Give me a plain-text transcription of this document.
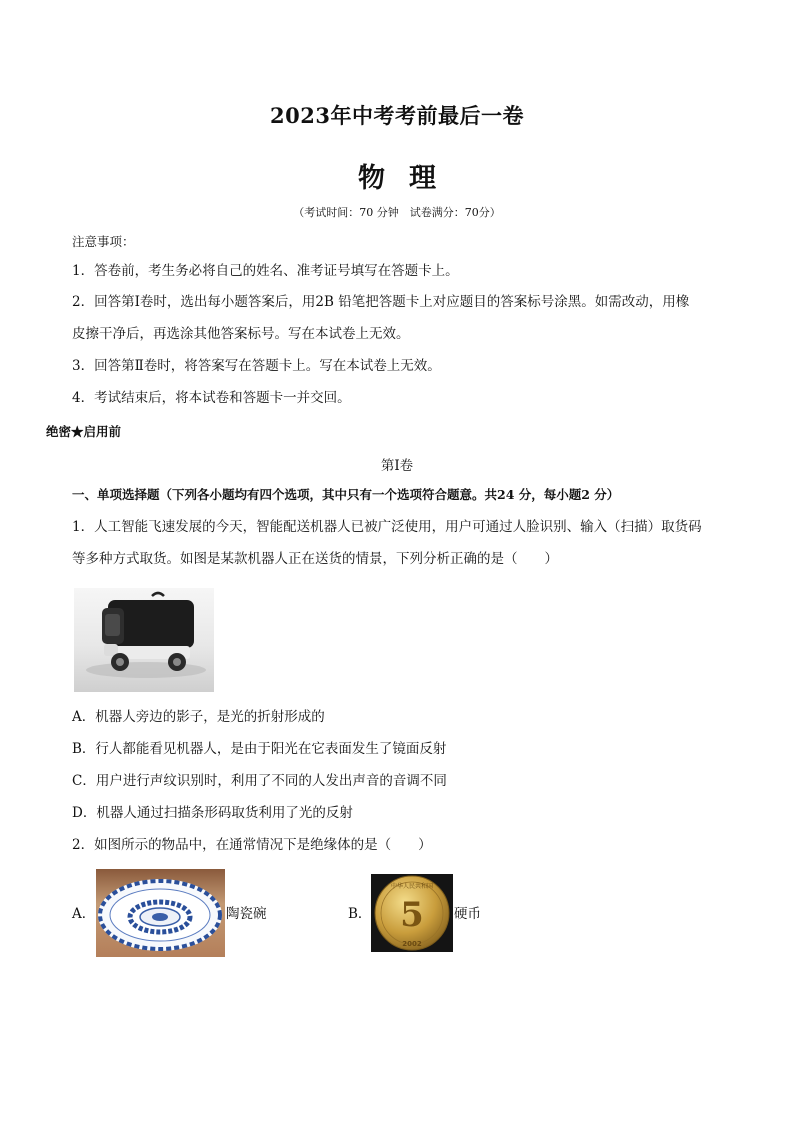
2023年中考考前最后一卷
物理
（考试时间：70 分钟　试卷满分：70分）
注意事项：
1．答卷前，考生务必将自己的姓名、准考证号填写在答题卡上。
2．回答第Ⅰ卷时，选出每小题答案后，用2B 铅笔把答题卡上对应题目的答案标号涂黑。如需改动，用橡
皮擦干净后，再选涂其他答案标号。写在本试卷上无效。
3．回答第Ⅱ卷时，将答案写在答题卡上。写在本试卷上无效。
4．考试结束后，将本试卷和答题卡一并交回。
绝密★启用前
第Ⅰ卷
一、单项选择题（下列各小题均有四个选项，其中只有一个选项符合题意。共24 分，每小题2 分）
1．人工智能飞速发展的今天，智能配送机器人已被广泛使用，用户可通过人脸识别、输入（扫描）取货码
等多种方式取货。如图是某款机器人正在送货的情景，下列分析正确的是（　　）
A．机器人旁边的影子，是光的折射形成的
B．行人都能看见机器人，是由于阳光在它表面发生了镜面反射
C．用户进行声纹识别时，利用了不同的人发出声音的音调不同
D．机器人通过扫描条形码取货利用了光的反射
2．如图所示的物品中，在通常情况下是绝缘体的是（　　）
A．	陶瓷碗	B．
中华人民共和国
5
2002
硬币
